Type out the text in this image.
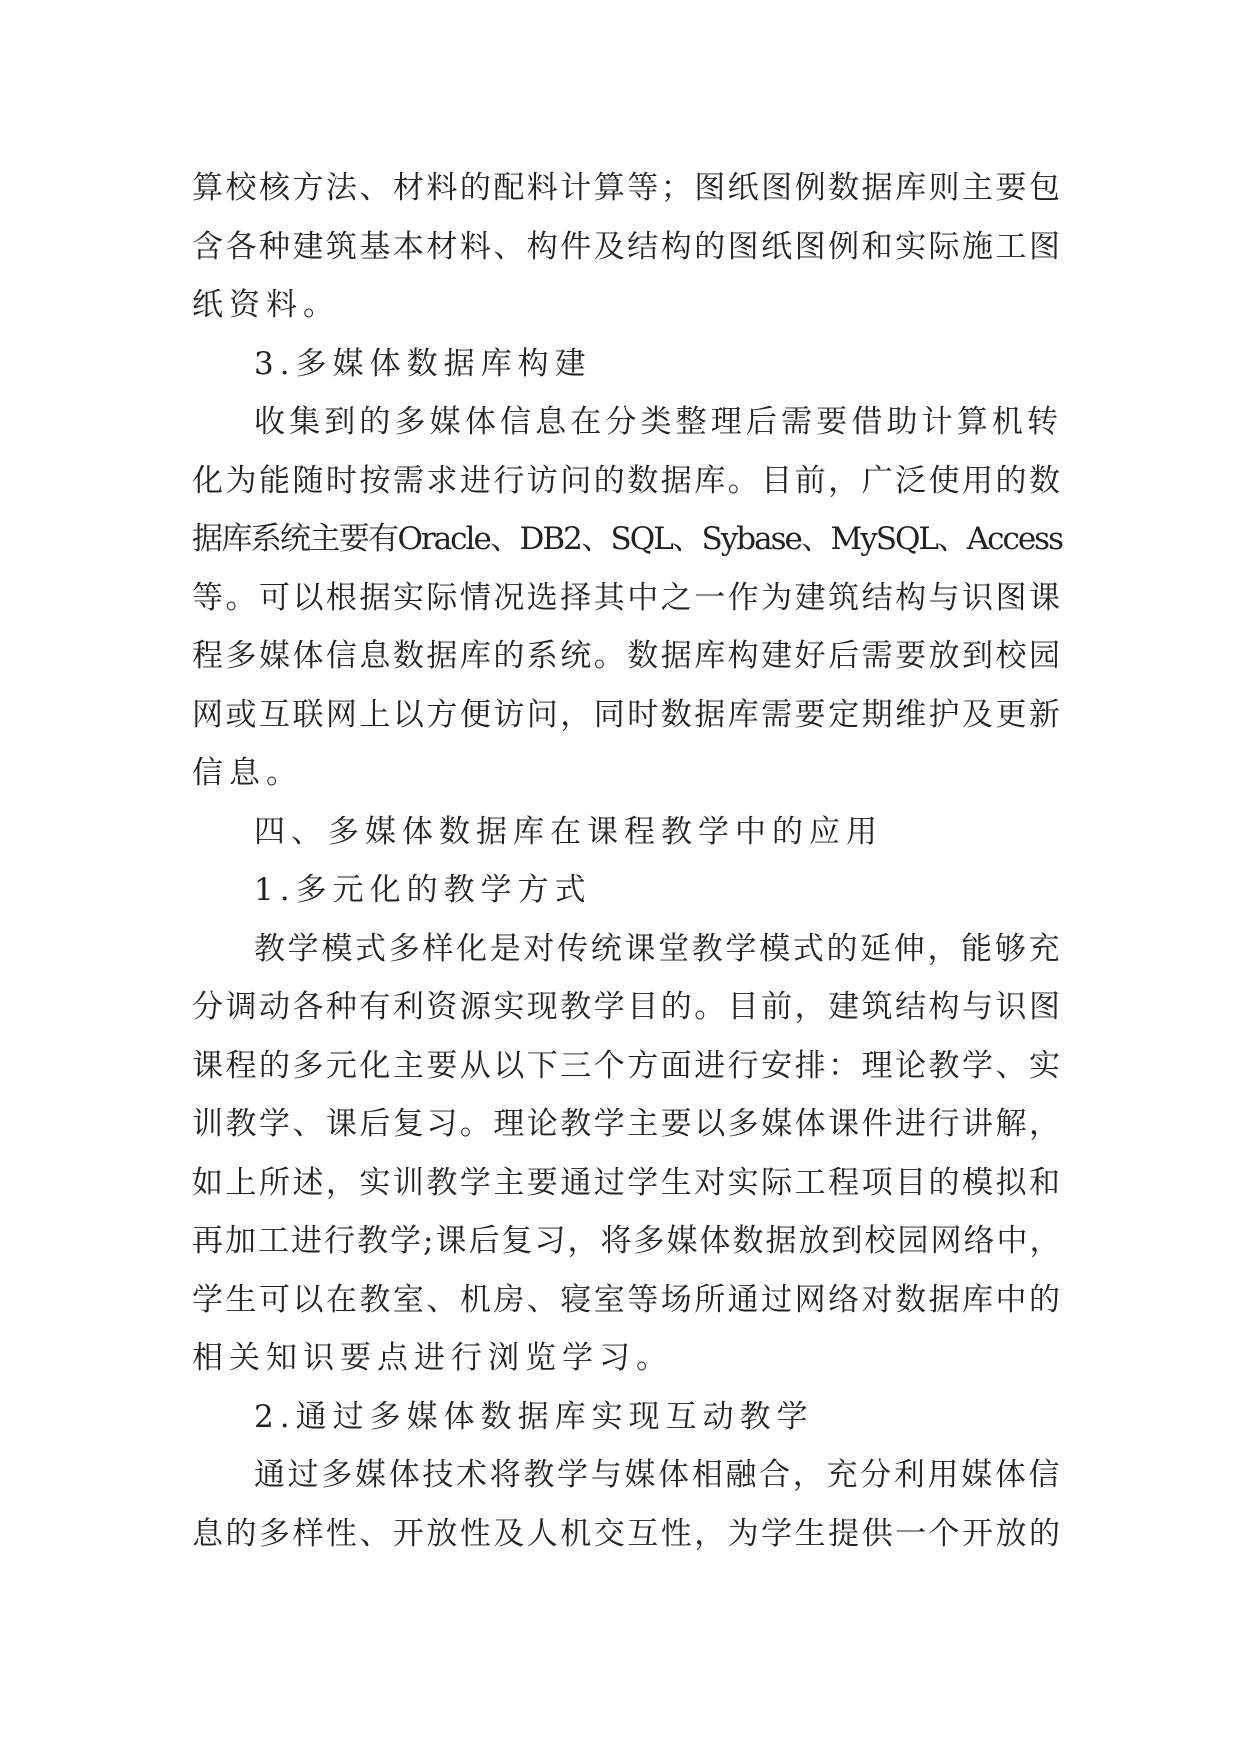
算校核方法、材料的配料计算等；图纸图例数据库则主要包

含各种建筑基本材料、构件及结构的图纸图例和实际施工图

纸资料。

3.多媒体数据库构建

收集到的多媒体信息在分类整理后需要借助计算机转

化为能随时按需求进行访问的数据库。目前，广泛使用的数

据库系统主要有Oracle、DB2、SQL、Sybase、MySQL、Access

等。可以根据实际情况选择其中之一作为建筑结构与识图课

程多媒体信息数据库的系统。数据库构建好后需要放到校园

网或互联网上以方便访问，同时数据库需要定期维护及更新

信息。

四、多媒体数据库在课程教学中的应用

1.多元化的教学方式

教学模式多样化是对传统课堂教学模式的延伸，能够充

分调动各种有利资源实现教学目的。目前，建筑结构与识图

课程的多元化主要从以下三个方面进行安排：理论教学、实

训教学、课后复习。理论教学主要以多媒体课件进行讲解，

如上所述，实训教学主要通过学生对实际工程项目的模拟和

再加工进行教学;课后复习，将多媒体数据放到校园网络中，

学生可以在教室、机房、寝室等场所通过网络对数据库中的

相关知识要点进行浏览学习。

2.通过多媒体数据库实现互动教学

通过多媒体技术将教学与媒体相融合，充分利用媒体信

息的多样性、开放性及人机交互性，为学生提供一个开放的
